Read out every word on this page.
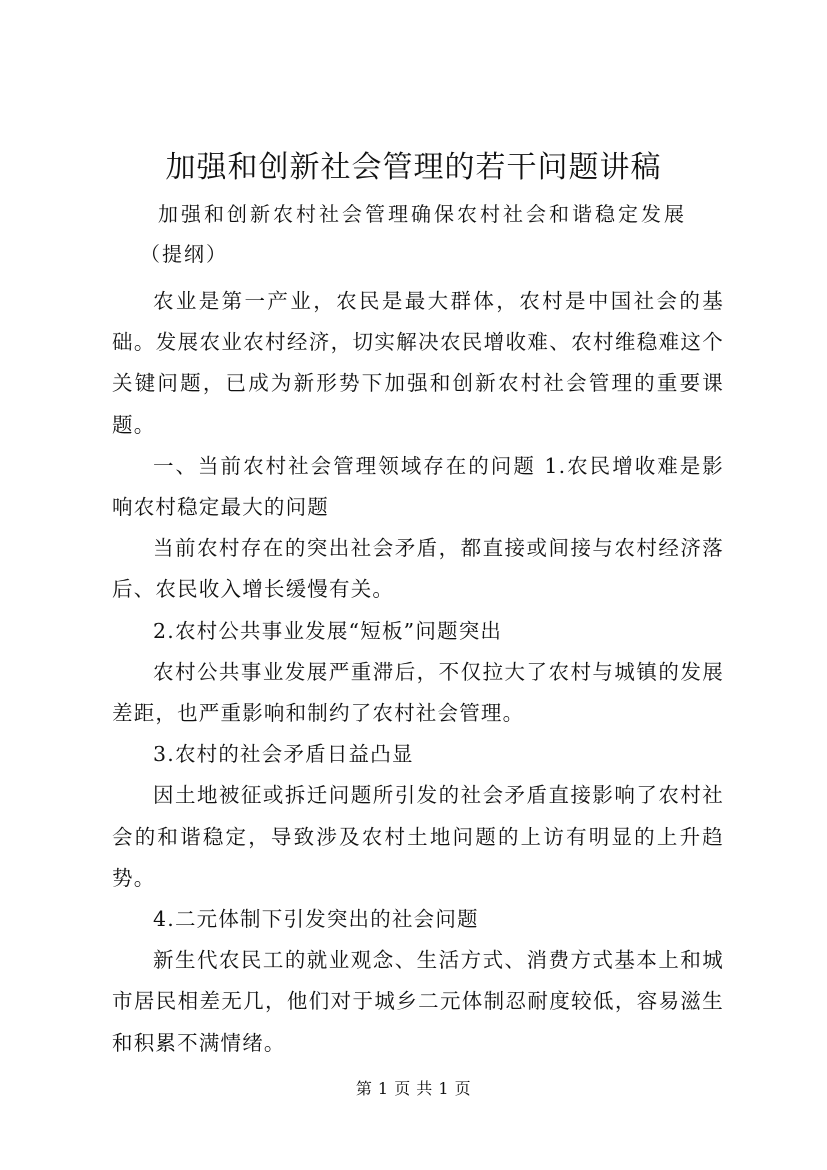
加强和创新社会管理的若干问题讲稿

加强和创新农村社会管理确保农村社会和谐稳定发展

（提纲）

农业是第一产业，农民是最大群体，农村是中国社会的基础。发展农业农村经济，切实解决农民增收难、农村维稳难这个关键问题，已成为新形势下加强和创新农村社会管理的重要课题。

一、当前农村社会管理领域存在的问题 1.农民增收难是影响农村稳定最大的问题

当前农村存在的突出社会矛盾，都直接或间接与农村经济落后、农民收入增长缓慢有关。

2.农村公共事业发展“短板”问题突出

农村公共事业发展严重滞后，不仅拉大了农村与城镇的发展差距，也严重影响和制约了农村社会管理。

3.农村的社会矛盾日益凸显

因土地被征或拆迁问题所引发的社会矛盾直接影响了农村社会的和谐稳定，导致涉及农村土地问题的上访有明显的上升趋势。

4.二元体制下引发突出的社会问题

新生代农民工的就业观念、生活方式、消费方式基本上和城市居民相差无几，他们对于城乡二元体制忍耐度较低，容易滋生和积累不满情绪。

第 1 页 共 1 页
